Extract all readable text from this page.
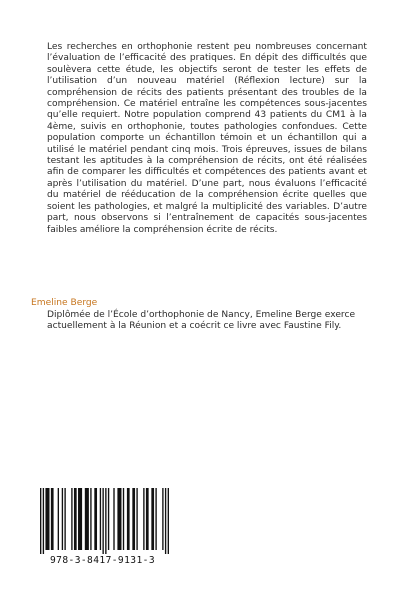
Les recherches en orthophonie restent peu nombreuses concernant l’évaluation de l’efficacité des pratiques. En dépit des difficultés que soulèvera cette étude, les objectifs seront de tester les effets de l’utilisation d’un nouveau matériel (Réflexion lecture) sur la compréhension de récits des patients présentant des troubles de la compréhension. Ce matériel entraîne les compétences sous-jacentes qu’elle requiert. Notre population comprend 43 patients du CM1 à la 4ème, suivis en orthophonie, toutes pathologies confondues. Cette population comporte un échantillon témoin et un échantillon qui a utilisé le matériel pendant cinq mois. Trois épreuves, issues de bilans testant les aptitudes à la compréhension de récits, ont été réalisées afin de comparer les difficultés et compétences des patients avant et après l’utilisation du matériel. D’une part, nous évaluons l’efficacité du matériel de rééducation de la compréhension écrite quelles que soient les pathologies, et malgré la multiplicité des variables. D’autre part, nous observons si l’entraînement de capacités sous-jacentes faibles améliore la compréhension écrite de récits.

Emeline Berge

Diplômée de l’École d’orthophonie de Nancy, Emeline Berge exerce actuellement à la Réunion et a coécrit ce livre avec Faustine Fily.

978-3-8417-9131-3
